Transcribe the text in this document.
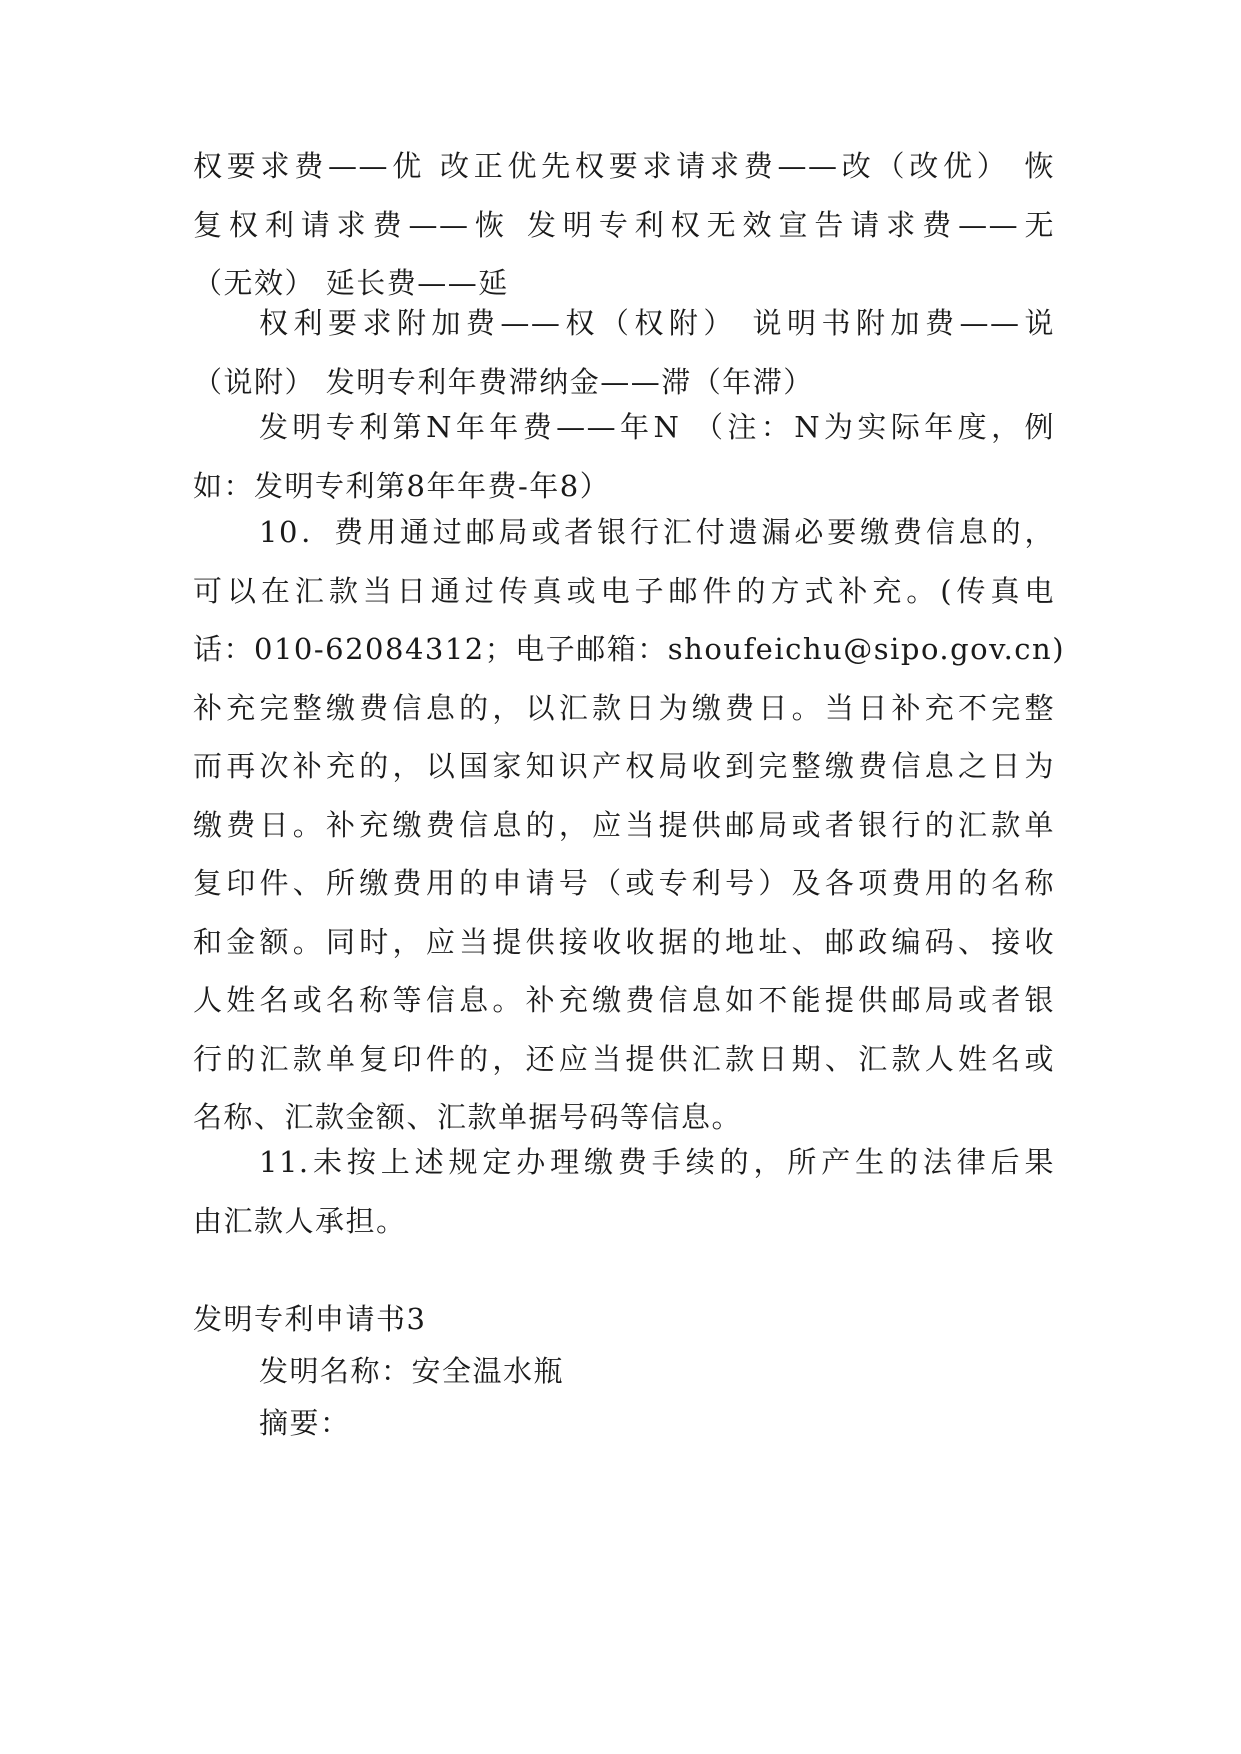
权要求费——优 改正优先权要求请求费——改（改优） 恢
复权利请求费——恢 发明专利权无效宣告请求费——无
（无效） 延长费——延
权利要求附加费——权（权附） 说明书附加费——说
（说附） 发明专利年费滞纳金——滞（年滞）
发明专利第N年年费——年N （注：N为实际年度，例
如：发明专利第8年年费-年8）
10．费用通过邮局或者银行汇付遗漏必要缴费信息的，
可以在汇款当日通过传真或电子邮件的方式补充。(传真电
话：010-62084312；电子邮箱：shoufeichu@sipo.gov.cn)
补充完整缴费信息的，以汇款日为缴费日。当日补充不完整
而再次补充的，以国家知识产权局收到完整缴费信息之日为
缴费日。补充缴费信息的，应当提供邮局或者银行的汇款单
复印件、所缴费用的申请号（或专利号）及各项费用的名称
和金额。同时，应当提供接收收据的地址、邮政编码、接收
人姓名或名称等信息。补充缴费信息如不能提供邮局或者银
行的汇款单复印件的，还应当提供汇款日期、汇款人姓名或
名称、汇款金额、汇款单据号码等信息。
11.未按上述规定办理缴费手续的，所产生的法律后果
由汇款人承担。

发明专利申请书3

发明名称：安全温水瓶

摘要：
